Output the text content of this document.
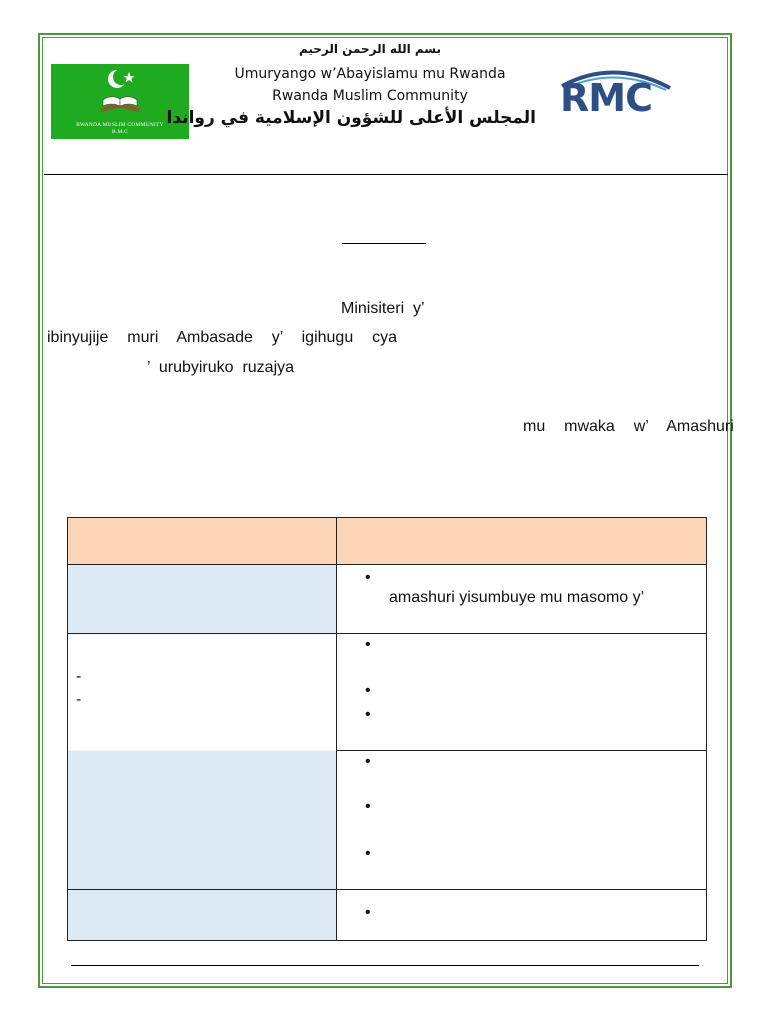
RWANDA MUSLIM COMMUNITY
R.M.C
بسم الله الرحمن الرحيم
Umuryango w’Abayislamu mu Rwanda
Rwanda Muslim Community
المجلس الأعلى للشؤون الإسلامية في رواندا RMC
Minisiteri  y’
ibinyujije  muri  Ambasade  y’  igihugu  cya
’  urubyiruko  ruzajya
mu  mwaka  w’  Amashuri

	•
amashuri yisumbuye mu masomo y’

-
-	•
•
•

	•
•
•

	•
